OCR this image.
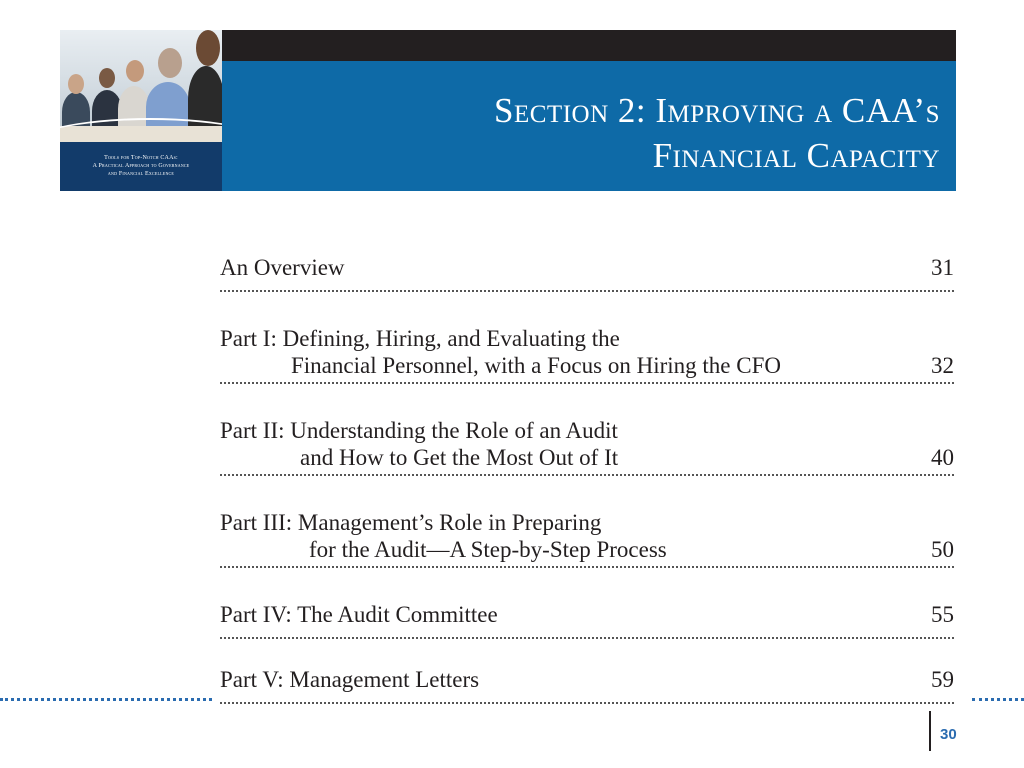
Tools for Top-Notch CAAs:
A Practical Approach to Governance
and Financial Excellence
Section 2: Improving a CAA’s
Financial Capacity
An Overview	31
Part I: Defining, Hiring, and Evaluating the
Financial Personnel, with a Focus on Hiring the CFO	32
Part II: Understanding the Role of an Audit
and How to Get the Most Out of It	40
Part III: Management’s Role in Preparing
for the Audit—A Step-by-Step Process	50
Part IV: The Audit Committee	55
Part V: Management Letters	59
30
